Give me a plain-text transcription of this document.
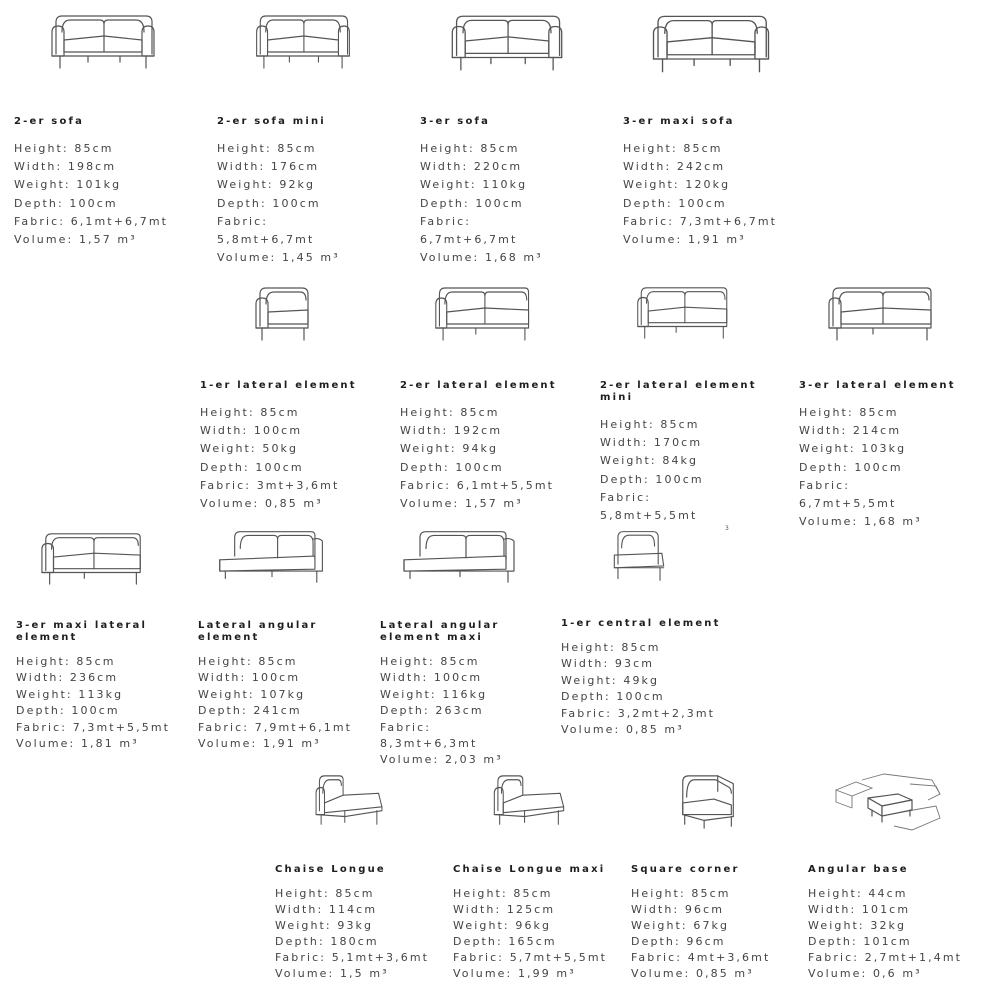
2-er sofa
Height: 85cm
Width: 198cm
Weight: 101kg
Depth: 100cm
Fabric: 6,1mt+6,7mt
Volume: 1,57 m³
2-er sofa mini
Height: 85cm
Width: 176cm
Weight: 92kg
Depth: 100cm
Fabric:
5,8mt+6,7mt
Volume: 1,45 m³
3-er sofa
Height: 85cm
Width: 220cm
Weight: 110kg
Depth: 100cm
Fabric:
6,7mt+6,7mt
Volume: 1,68 m³
3-er maxi sofa
Height: 85cm
Width: 242cm
Weight: 120kg
Depth: 100cm
Fabric: 7,3mt+6,7mt
Volume: 1,91 m³
1-er lateral element
Height: 85cm
Width: 100cm
Weight: 50kg
Depth: 100cm
Fabric: 3mt+3,6mt
Volume: 0,85 m³
2-er lateral element
Height: 85cm
Width: 192cm
Weight: 94kg
Depth: 100cm
Fabric: 6,1mt+5,5mt
Volume: 1,57 m³
2-er lateral element mini
Height: 85cm
Width: 170cm
Weight: 84kg
Depth: 100cm
Fabric:
5,8mt+5,5mt
3
3-er lateral element
Height: 85cm
Width: 214cm
Weight: 103kg
Depth: 100cm
Fabric:
6,7mt+5,5mt
Volume: 1,68 m³
3-er maxi lateral element
Height: 85cm
Width: 236cm
Weight: 113kg
Depth: 100cm
Fabric: 7,3mt+5,5mt
Volume: 1,81 m³
Lateral angular element
Height: 85cm
Width: 100cm
Weight: 107kg
Depth: 241cm
Fabric: 7,9mt+6,1mt
Volume: 1,91 m³
Lateral angular element maxi
Height: 85cm
Width: 100cm
Weight: 116kg
Depth: 263cm
Fabric:
8,3mt+6,3mt
Volume: 2,03 m³
1-er central element
Height: 85cm
Width: 93cm
Weight: 49kg
Depth: 100cm
Fabric: 3,2mt+2,3mt
Volume: 0,85 m³
Chaise Longue
Height: 85cm
Width: 114cm
Weight: 93kg
Depth: 180cm
Fabric: 5,1mt+3,6mt
Volume: 1,5 m³
Chaise Longue maxi
Height: 85cm
Width: 125cm
Weight: 96kg
Depth: 165cm
Fabric: 5,7mt+5,5mt
Volume: 1,99 m³
Square corner
Height: 85cm
Width: 96cm
Weight: 67kg
Depth: 96cm
Fabric: 4mt+3,6mt
Volume: 0,85 m³
Angular base
Height: 44cm
Width: 101cm
Weight: 32kg
Depth: 101cm
Fabric: 2,7mt+1,4mt
Volume: 0,6 m³
